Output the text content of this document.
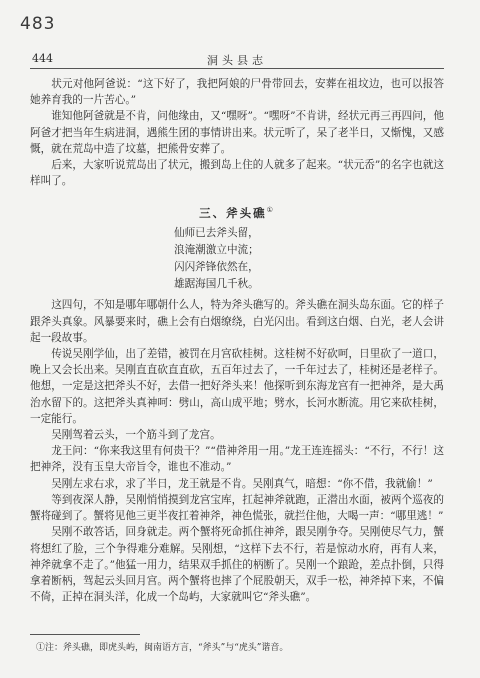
483
444	洞头县志

状元对他阿爸说：“这下好了，我把阿娘的尸骨带回去，安葬在祖坟边，也可以报答她养育我的一片苦心。”

谁知他阿爸就是不肯，问他缘由，又“嘿呀”。“嘿呀”不肯讲，经状元再三再四问，他阿爸才把当年生病进洞，遇熊生团的事情讲出来。状元听了，呆了老半日，又惭愧，又感慨，就在荒岛中造了坟墓，把熊骨安葬了。

后来，大家听说荒岛出了状元，搬到岛上住的人就多了起来。“状元岙”的名字也就这样叫了。

三、斧头礁①
仙师已去斧头留，
浪淹潮激立中流；
闪闪斧锋依然在，
雄踞海国几千秋。

这四句，不知是哪年哪朝什么人，特为斧头礁写的。斧头礁在洞头岛东面。它的样子跟斧头真象。风暴要来时，礁上会有白烟缭绕，白光闪出。看到这白烟、白光，老人会讲起一段故事。

传说吴刚学仙，出了差错，被罚在月宫砍桂树。这桂树不好砍呵，日里砍了一道口，晚上又会长出来。吴刚直直砍直直砍，五百年过去了，一千年过去了，桂树还是老样子。他想，一定是这把斧头不好，去借一把好斧头来！他探听到东海龙宫有一把神斧，是大禹治水留下的。这把斧头真神呵：劈山，高山成平地；劈水，长河水断流。用它来砍桂树，一定能行。

吴刚驾着云头，一个筋斗到了龙宫。

龙王问：“你来我这里有何贵干？”“借神斧用一用。”龙王连连摇头：“不行，不行！这把神斧，没有玉皇大帝旨令，谁也不准动。”

吴刚左求右求，求了半日，龙王就是不肯。吴刚真气，暗想：“你不借，我就偷！”

等到夜深人静，吴刚悄悄摸到龙宫宝库，扛起神斧就跑，正潜出水面，被两个巡夜的蟹将碰到了。蟹将见他三更半夜扛着神斧，神色慌张，就拦住他，大喝一声：“哪里逃！”

吴刚不敢答话，回身就走。两个蟹将死命抓住神斧，跟吴刚争夺。吴刚使尽气力，蟹将想红了脸，三个争得难分难解。吴刚想，“这样下去不行，若是惊动水府，再有人来，神斧就拿不走了。”他猛一用力，结果双手抓住的柄断了。吴刚一个踉跄，差点扑倒，只得拿着断柄，驾起云头回月宫。两个蟹将也摔了个屁股朝天，双手一松，神斧掉下来，不偏不倚，正掉在洞头洋，化成一个岛屿，大家就叫它“斧头礁”。

①注：斧头礁，即虎头屿，闽南语方言，“斧头”与“虎头”谐音。
